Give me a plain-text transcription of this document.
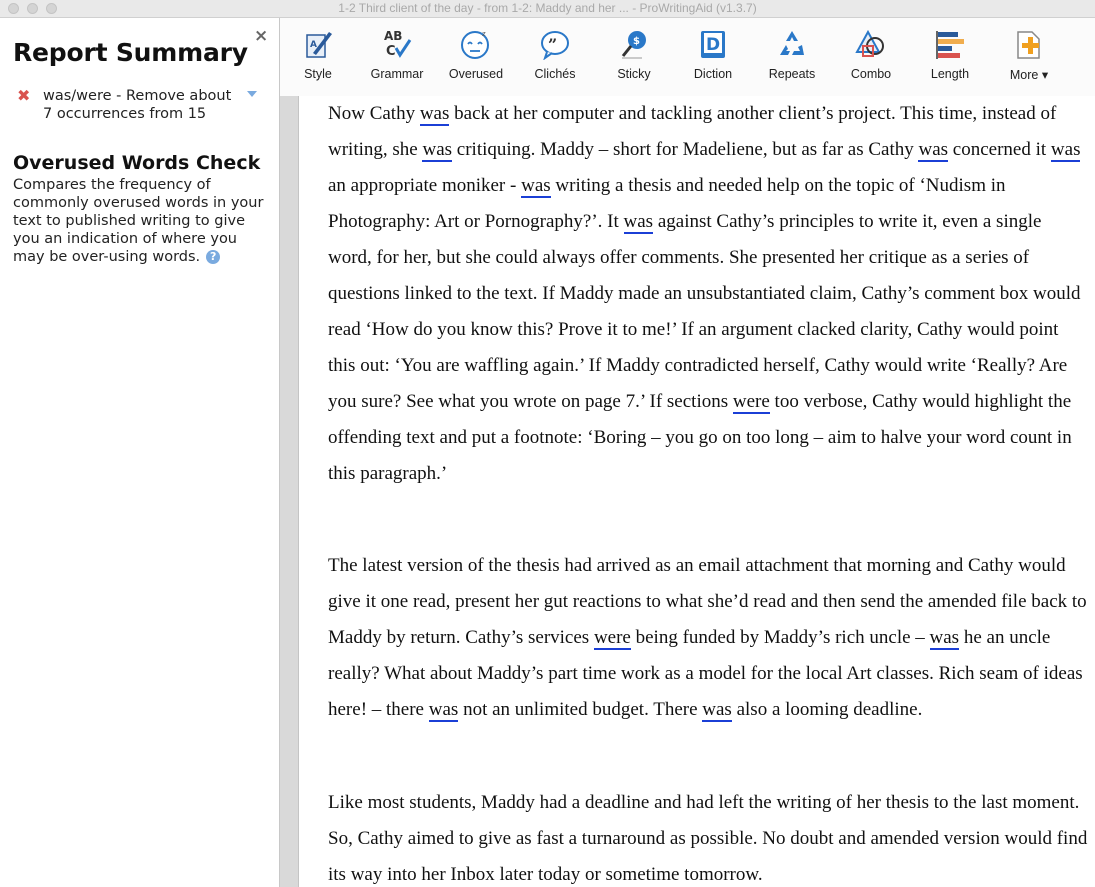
1-2 Third client of the day - from 1-2: Maddy and her ... - ProWritingAid (v1.3.7)
Report Summary
×
✖ was/were - Remove about 7 occurrences from 15
Overused Words Check
Compares the frequency of commonly overused words in your text to published writing to give you an indication of where you may be over-using words. ?
A
Style
AB
C
Grammar
z
Overused
”
Clichés
$
Sticky
D
Diction	Repeats	Combo	Length	More ▾

Now Cathy was back at her computer and tackling another client’s project. This time, instead of writing, she was critiquing. Maddy – short for Madeliene, but as far as Cathy was concerned it was an appropriate moniker - was writing a thesis and needed help on the topic of ‘Nudism in Photography: Art or Pornography?’. It was against Cathy’s principles to write it, even a single word, for her, but she could always offer comments. She presented her critique as a series of questions linked to the text. If Maddy made an unsubstantiated claim, Cathy’s comment box would read ‘How do you know this? Prove it to me!’ If an argument clacked clarity, Cathy would point this out: ‘You are waffling again.’ If Maddy contradicted herself, Cathy would write ‘Really? Are you sure? See what you wrote on page 7.’ If sections were too verbose, Cathy would highlight the offending text and put a footnote: ‘Boring – you go on too long – aim to halve your word count in this paragraph.’

The latest version of the thesis had arrived as an email attachment that morning and Cathy would give it one read, present her gut reactions to what she’d read and then send the amended file back to Maddy by return. Cathy’s services were being funded by Maddy’s rich uncle – was he an uncle really? What about Maddy’s part time work as a model for the local Art classes. Rich seam of ideas here! – there was not an unlimited budget. There was also a looming deadline.

Like most students, Maddy had a deadline and had left the writing of her thesis to the last moment. So, Cathy aimed to give as fast a turnaround as possible. No doubt and amended version would find its way into her Inbox later today or sometime tomorrow.
